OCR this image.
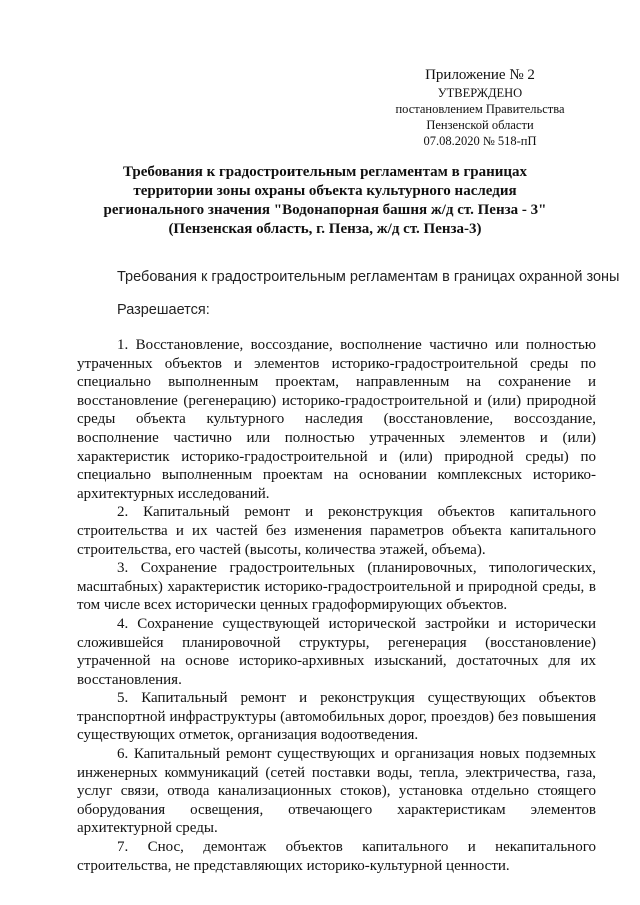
Приложение № 2
УТВЕРЖДЕНО
постановлением Правительства
Пензенской области
07.08.2020 № 518-пП
Требования к градостроительным регламентам в границах
территории зоны охраны объекта культурного наследия
регионального значения "Водонапорная башня ж/д ст. Пенза - 3"
(Пензенская область, г. Пенза, ж/д ст. Пенза-3)
Требования к градостроительным регламентам в границах охранной зоны
Разрешается:

1. Восстановление, воссоздание, восполнение частично или полностью утраченных объектов и элементов историко-градостроительной среды по специально выполненным проектам, направленным на сохранение и восстановление (регенерацию) историко-градостроительной и (или) природной среды объекта культурного наследия (восстановление, воссоздание, восполнение частично или полностью утраченных элементов и (или) характеристик историко-градостроительной и (или) природной среды) по специально выполненным проектам на основании комплексных историко-архитектурных исследований.

2. Капитальный ремонт и реконструкция объектов капитального строительства и их частей без изменения параметров объекта капитального строительства, его частей (высоты, количества этажей, объема).

3. Сохранение градостроительных (планировочных, типологических, масштабных) характеристик историко-градостроительной и природной среды, в том числе всех исторически ценных градоформирующих объектов.

4. Сохранение существующей исторической застройки и исторически сложившейся планировочной структуры, регенерация (восстановление) утраченной на основе историко-архивных изысканий, достаточных для их восстановления.

5. Капитальный ремонт и реконструкция существующих объектов транспортной инфраструктуры (автомобильных дорог, проездов) без повышения существующих отметок, организация водоотведения.

6. Капитальный ремонт существующих и организация новых подземных инженерных коммуникаций (сетей поставки воды, тепла, электричества, газа, услуг связи, отвода канализационных стоков), установка отдельно стоящего оборудования освещения, отвечающего характеристикам элементов архитектурной среды.

7. Снос, демонтаж объектов капитального и некапитального строительства, не представляющих историко-культурной ценности.
